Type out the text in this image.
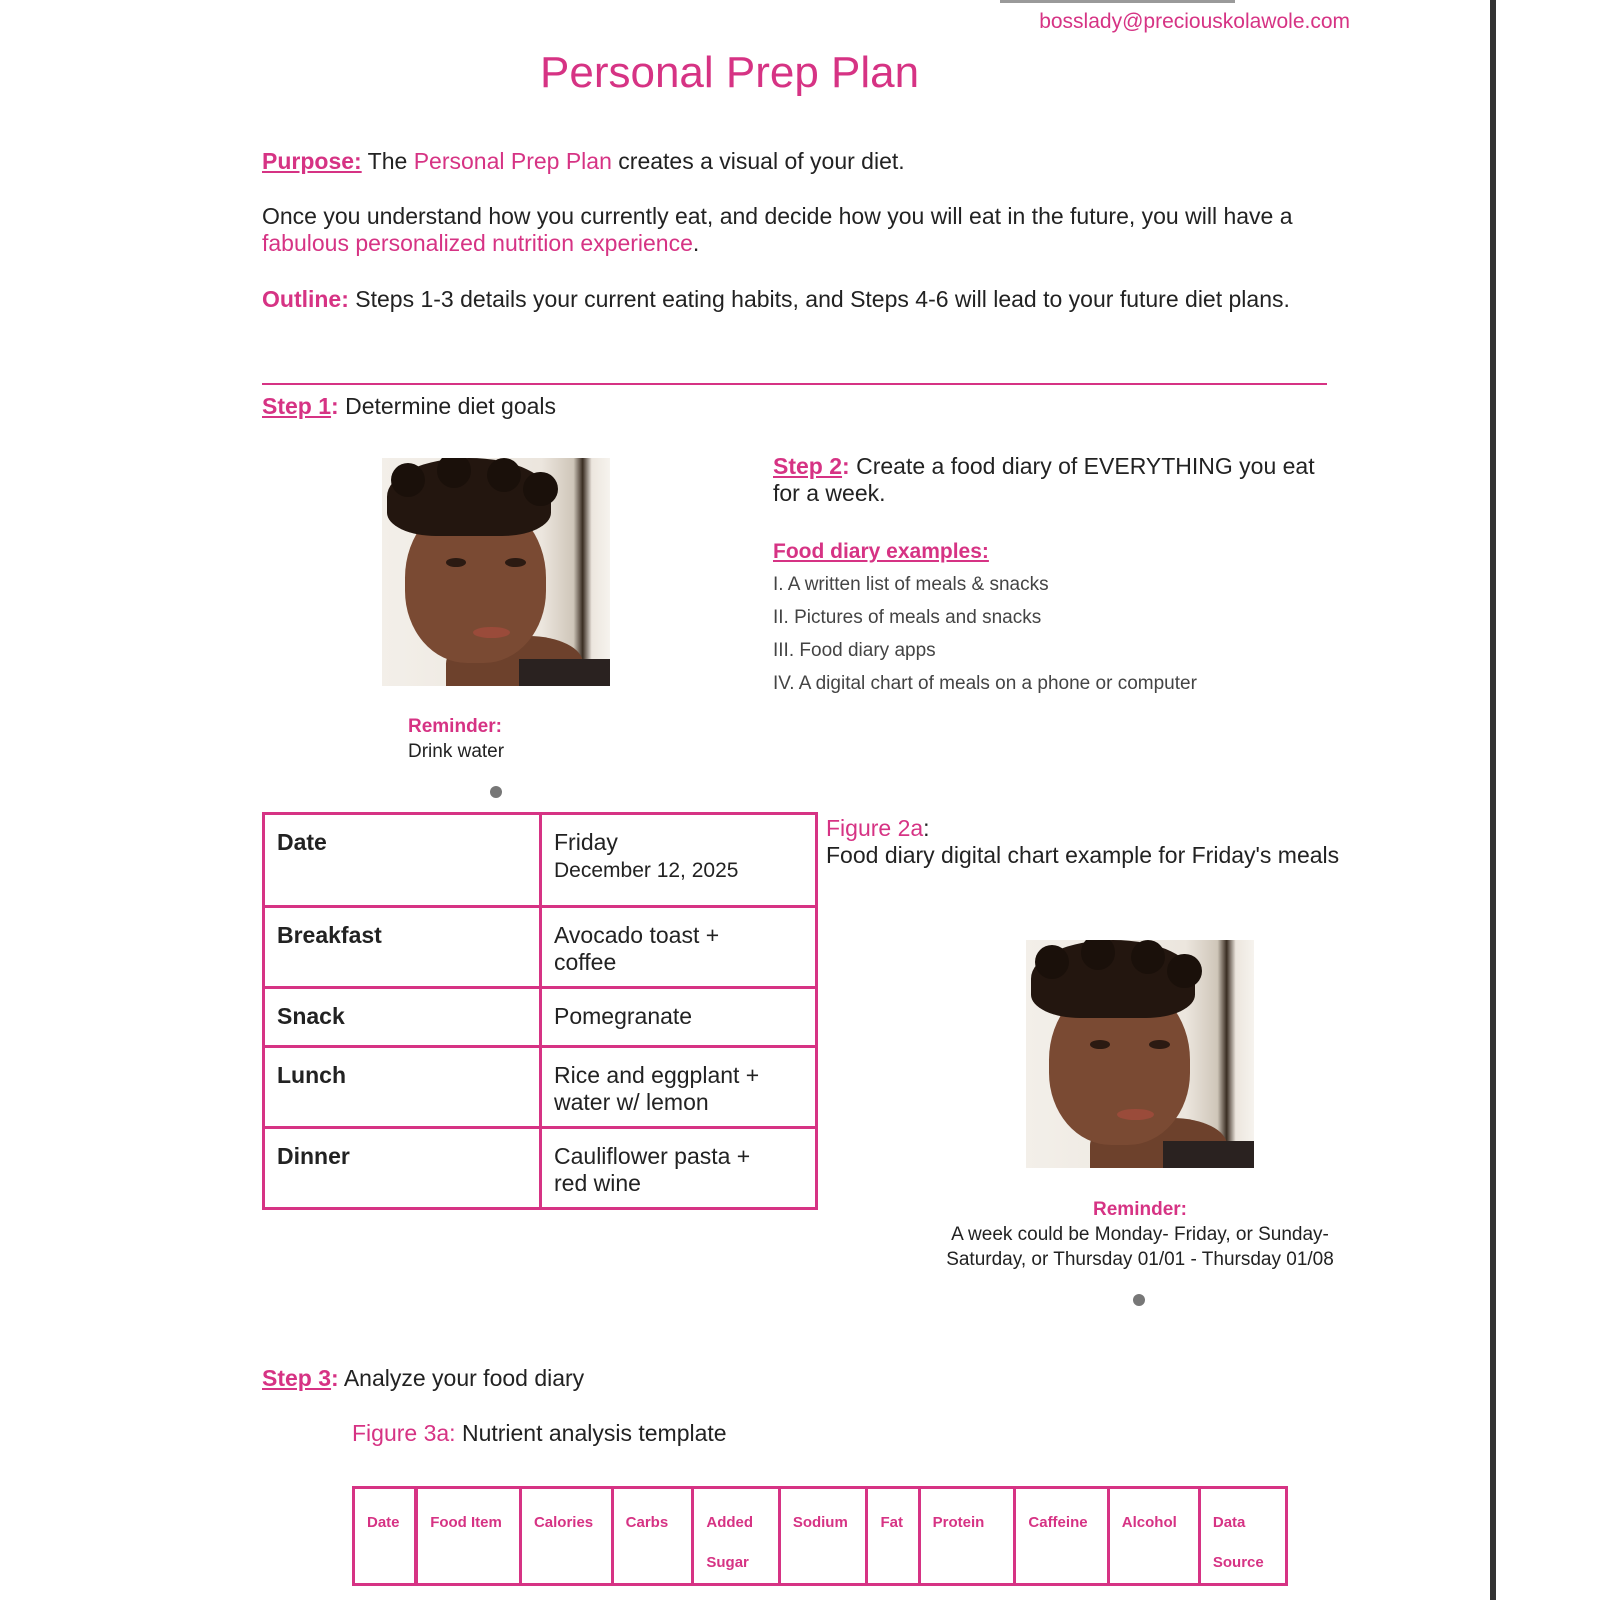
bosslady@preciouskolawole.com
Personal Prep Plan
Purpose: The Personal Prep Plan creates a visual of your diet.
Once you understand how you currently eat, and decide how you will eat in the future, you will have a fabulous personalized nutrition experience.
Outline: Steps 1-3 details your current eating habits, and Steps 4-6 will lead to your future diet plans.
Step 1: Determine diet goals
Reminder:
Drink water
Step 2: Create a food diary of EVERYTHING you eat for a week.
Food diary examples:
I. A written list of meals & snacks
II. Pictures of meals and snacks
III. Food diary apps
IV. A digital chart of meals on a phone or computer
Date	Friday
December 12, 2025
Breakfast	Avocado toast +
coffee
Snack	Pomegranate
Lunch	Rice and eggplant +
water w/ lemon
Dinner	Cauliflower pasta +
red wine
Figure 2a:
Food diary digital chart example for Friday's meals
Reminder:
A week could be Monday- Friday, or Sunday-Saturday, or Thursday 01/01 - Thursday 01/08
Step 3: Analyze your food diary
Figure 3a: Nutrient analysis template
Date	Food Item	Calories	Carbs	Added Sugar	Sodium	Fat	Protein	Caffeine	Alcohol	Data Source
